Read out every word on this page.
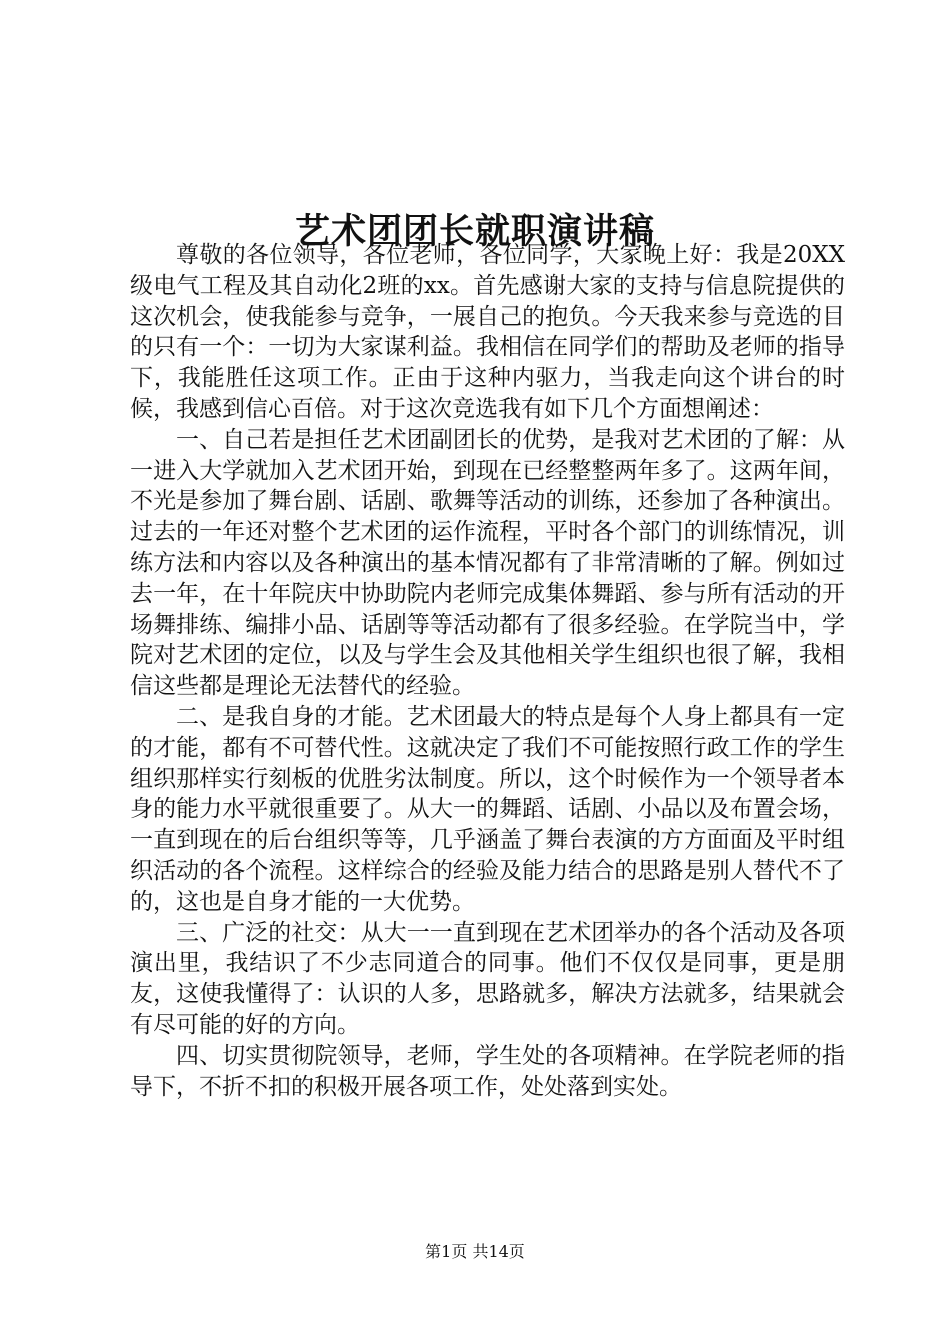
艺术团团长就职演讲稿

尊敬的各位领导，各位老师，各位同学，大家晚上好：我是20XX级电气工程及其自动化2班的xx。首先感谢大家的支持与信息院提供的这次机会，使我能参与竞争，一展自己的抱负。今天我来参与竞选的目的只有一个：一切为大家谋利益。我相信在同学们的帮助及老师的指导下，我能胜任这项工作。正由于这种内驱力，当我走向这个讲台的时候，我感到信心百倍。对于这次竞选我有如下几个方面想阐述：

一、自己若是担任艺术团副团长的优势，是我对艺术团的了解：从一进入大学就加入艺术团开始，到现在已经整整两年多了。这两年间，不光是参加了舞台剧、话剧、歌舞等活动的训练，还参加了各种演出。过去的一年还对整个艺术团的运作流程，平时各个部门的训练情况，训练方法和内容以及各种演出的基本情况都有了非常清晰的了解。例如过去一年，在十年院庆中协助院内老师完成集体舞蹈、参与所有活动的开场舞排练、编排小品、话剧等等活动都有了很多经验。在学院当中，学院对艺术团的定位，以及与学生会及其他相关学生组织也很了解，我相信这些都是理论无法替代的经验。

二、是我自身的才能。艺术团最大的特点是每个人身上都具有一定的才能，都有不可替代性。这就决定了我们不可能按照行政工作的学生组织那样实行刻板的优胜劣汰制度。所以，这个时候作为一个领导者本身的能力水平就很重要了。从大一的舞蹈、话剧、小品以及布置会场，一直到现在的后台组织等等，几乎涵盖了舞台表演的方方面面及平时组织活动的各个流程。这样综合的经验及能力结合的思路是别人替代不了的，这也是自身才能的一大优势。

三、广泛的社交：从大一一直到现在艺术团举办的各个活动及各项演出里，我结识了不少志同道合的同事。他们不仅仅是同事，更是朋友，这使我懂得了：认识的人多，思路就多，解决方法就多，结果就会有尽可能的好的方向。

四、切实贯彻院领导，老师，学生处的各项精神。在学院老师的指导下，不折不扣的积极开展各项工作，处处落到实处。

第1页 共14页
